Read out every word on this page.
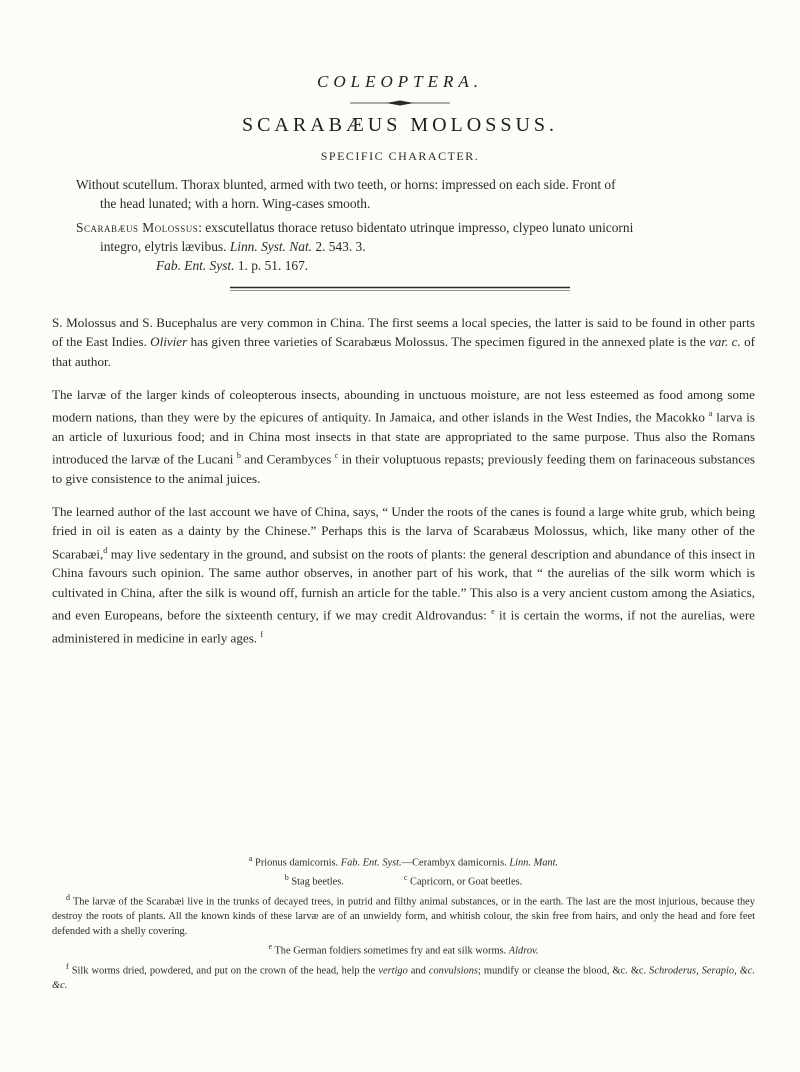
COLEOPTERA.
SCARABÆUS MOLOSSUS.
SPECIFIC CHARACTER.

Without scutellum. Thorax blunted, armed with two teeth, or horns: impressed on each side. Front of
the head lunated; with a horn. Wing-cases smooth.

Scarabæus Molossus: exscutellatus thorace retuso bidentato utrinque impresso, clypeo lunato unicorni
integro, elytris lævibus. Linn. Syst. Nat. 2. 543. 3.
Fab. Ent. Syst. 1. p. 51. 167.

S. Molossus and S. Bucephalus are very common in China. The first seems a local species, the latter is said to be found in other parts of the East Indies. Olivier has given three varieties of Scarabæus Molossus. The specimen figured in the annexed plate is the var. c. of that author.

The larvæ of the larger kinds of coleopterous insects, abounding in unctuous moisture, are not less esteemed as food among some modern nations, than they were by the epicures of antiquity. In Jamaica, and other islands in the West Indies, the Macokko $^a$ larva is an article of luxurious food; and in China most insects in that state are appropriated to the same purpose. Thus also the Romans introduced the larvæ of the Lucani $^b$ and Cerambyces $^c$ in their voluptuous repasts; previously feeding them on farinaceous substances to give consistence to the animal juices.

The learned author of the last account we have of China, says, “ Under the roots of the canes is found a large white grub, which being fried in oil is eaten as a dainty by the Chinese.” Perhaps this is the larva of Scarabæus Molossus, which, like many other of the Scarabæi,$^d$ may live sedentary in the ground, and subsist on the roots of plants: the general description and abundance of this insect in China favours such opinion. The same author observes, in another part of his work, that “ the aurelias of the silk worm which is cultivated in China, after the silk is wound off, furnish an article for the table.” This also is a very ancient custom among the Asiatics, and even Europeans, before the sixteenth century, if we may credit Aldrovandus: $^e$ it is certain the worms, if not the aurelias, were administered in medicine in early ages. $^f$

$^a$ Prionus damicornis. Fab. Ent. Syst.—Cerambyx damicornis. Linn. Mant.

$^b$ Stag beetles.	$^c$ Capricorn, or Goat beetles.

$^d$ The larvæ of the Scarabæi live in the trunks of decayed trees, in putrid and filthy animal substances, or in the earth. The last are the most injurious, because they destroy the roots of plants. All the known kinds of these larvæ are of an unwieldy form, and whitish colour, the skin free from hairs, and only the head and fore feet defended with a shelly covering.

$^e$ The German foldiers sometimes fry and eat silk worms. Aldrov.

$^f$ Silk worms dried, powdered, and put on the crown of the head, help the vertigo and convulsions; mundify or cleanse the blood, &c. &c. Schroderus, Serapio, &c. &c.
